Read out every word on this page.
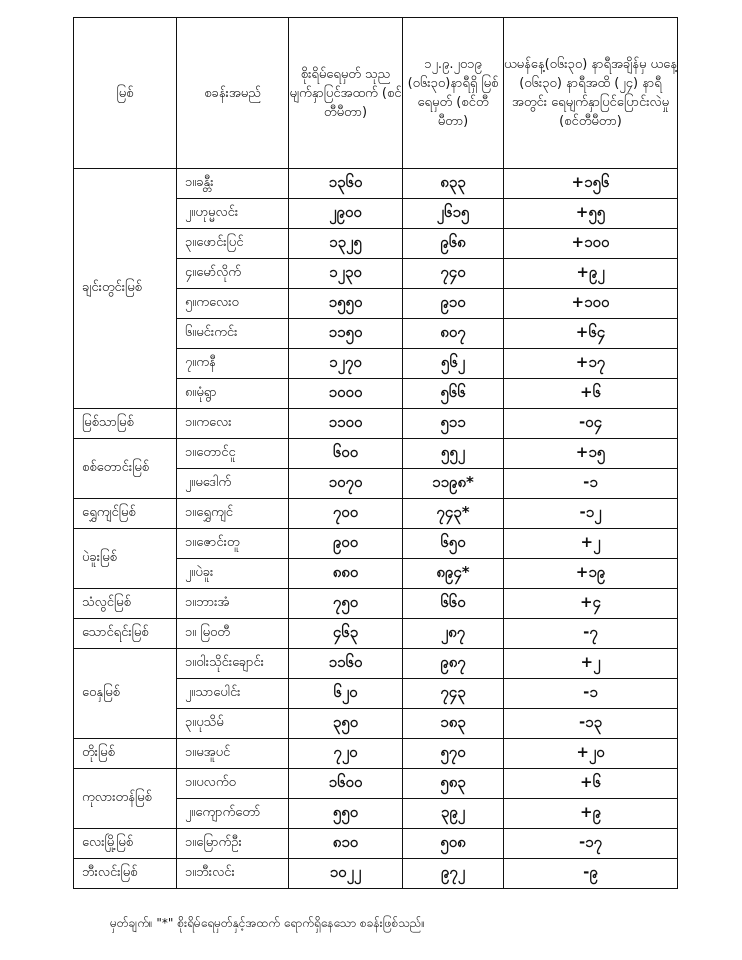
မြစ်	စခန်းအမည်	စိုးရိမ်ရေမှတ် သုညမျက်နှာပြင်အထက် (စင်တီမီတာ)	၁၂.၉.၂၀၁၉ (၀၆း၃၀)နာရီရှိ မြစ်ရေမှတ် (စင်တီမီတာ)	ယမန်နေ့(၀၆း၃၀) နာရီအချိန်မှ ယနေ့ (၀၆း၃၀) နာရီအထိ (၂၄) နာရီအတွင်း ရေမျက်နှာပြင်ပြောင်းလဲမှု (စင်တီမီတာ)
ချင်းတွင်းမြစ်	၁။ခန္တီး	၁၃၆၀	၈၃၃	+၁၅၆
	၂။ဟုမ္မလင်း	၂၉၀၀	၂၆၁၅	+၅၅
	၃။ဖောင်းပြင်	၁၃၂၅	၉၆၈	+၁၀၀
	၄။မော်လိုက်	၁၂၃၀	၇၄၀	+၉၂
	၅။ကလေးဝ	၁၅၅၀	၉၁၀	+၁၀၀
	၆။မင်းကင်း	၁၁၅၀	၈၀၇	+၆၄
	၇။ကနီ	၁၂၇၀	၅၆၂	+၁၇
	၈။မုံရွာ	၁၀၀၀	၅၆၆	+၆
မြစ်သာမြစ်	၁။ကလေး	၁၁၀၀	၅၁၁	-၀၄
စစ်တောင်းမြစ်	၁။တောင်ငူ	၆၀၀	၅၅၂	+၁၅
	၂။မဒေါက်	၁၀၇၀	၁၁၉၈*	-၁
ရွှေကျင်မြစ်	၁။ရွှေကျင်	၇၀၀	၇၄၃*	-၁၂
ပဲခူးမြစ်	၁။ဇောင်းတူ	၉၀၀	၆၅၀	+၂
	၂။ပဲခူး	၈၈၀	၈၉၄*	+၁၉
သံလွင်မြစ်	၁။ဘားအံ	၇၅၀	၆၆၀	+၄
သောင်ရင်းမြစ်	၁။ မြဝတီ	၄၆၃	၂၈၇	-၇
ဝေနှမြစ်	၁။ဝါးသိုင်းချောင်း	၁၁၆၀	၉၈၇	+၂
	၂။သာပေါင်း	၆၂၀	၇၄၃	-၁
	၃။ပုသိမ်	၃၅၀	၁၈၃	-၁၃
တိုးမြစ်	၁။မအူပင်	၇၂၀	၅၇၀	+၂၀
ကုလားတန်မြစ်	၁။ပလက်ဝ	၁၆၀၀	၅၈၃	+၆
	၂။ကျောက်တော်	၅၅၀	၃၉၂	+၉
လေးမြို့မြစ်	၁။မြောက်ဦး	၈၁၀	၅၀၈	-၁၇
ဘီးလင်းမြစ်	၁။ဘီးလင်း	၁၀၂၂	၉၇၂	-၉
မှတ်ချက်။ "*" စိုးရိမ်ရေမှတ်နှင့်အထက် ရောက်ရှိနေသော စခန်းဖြစ်သည်။
